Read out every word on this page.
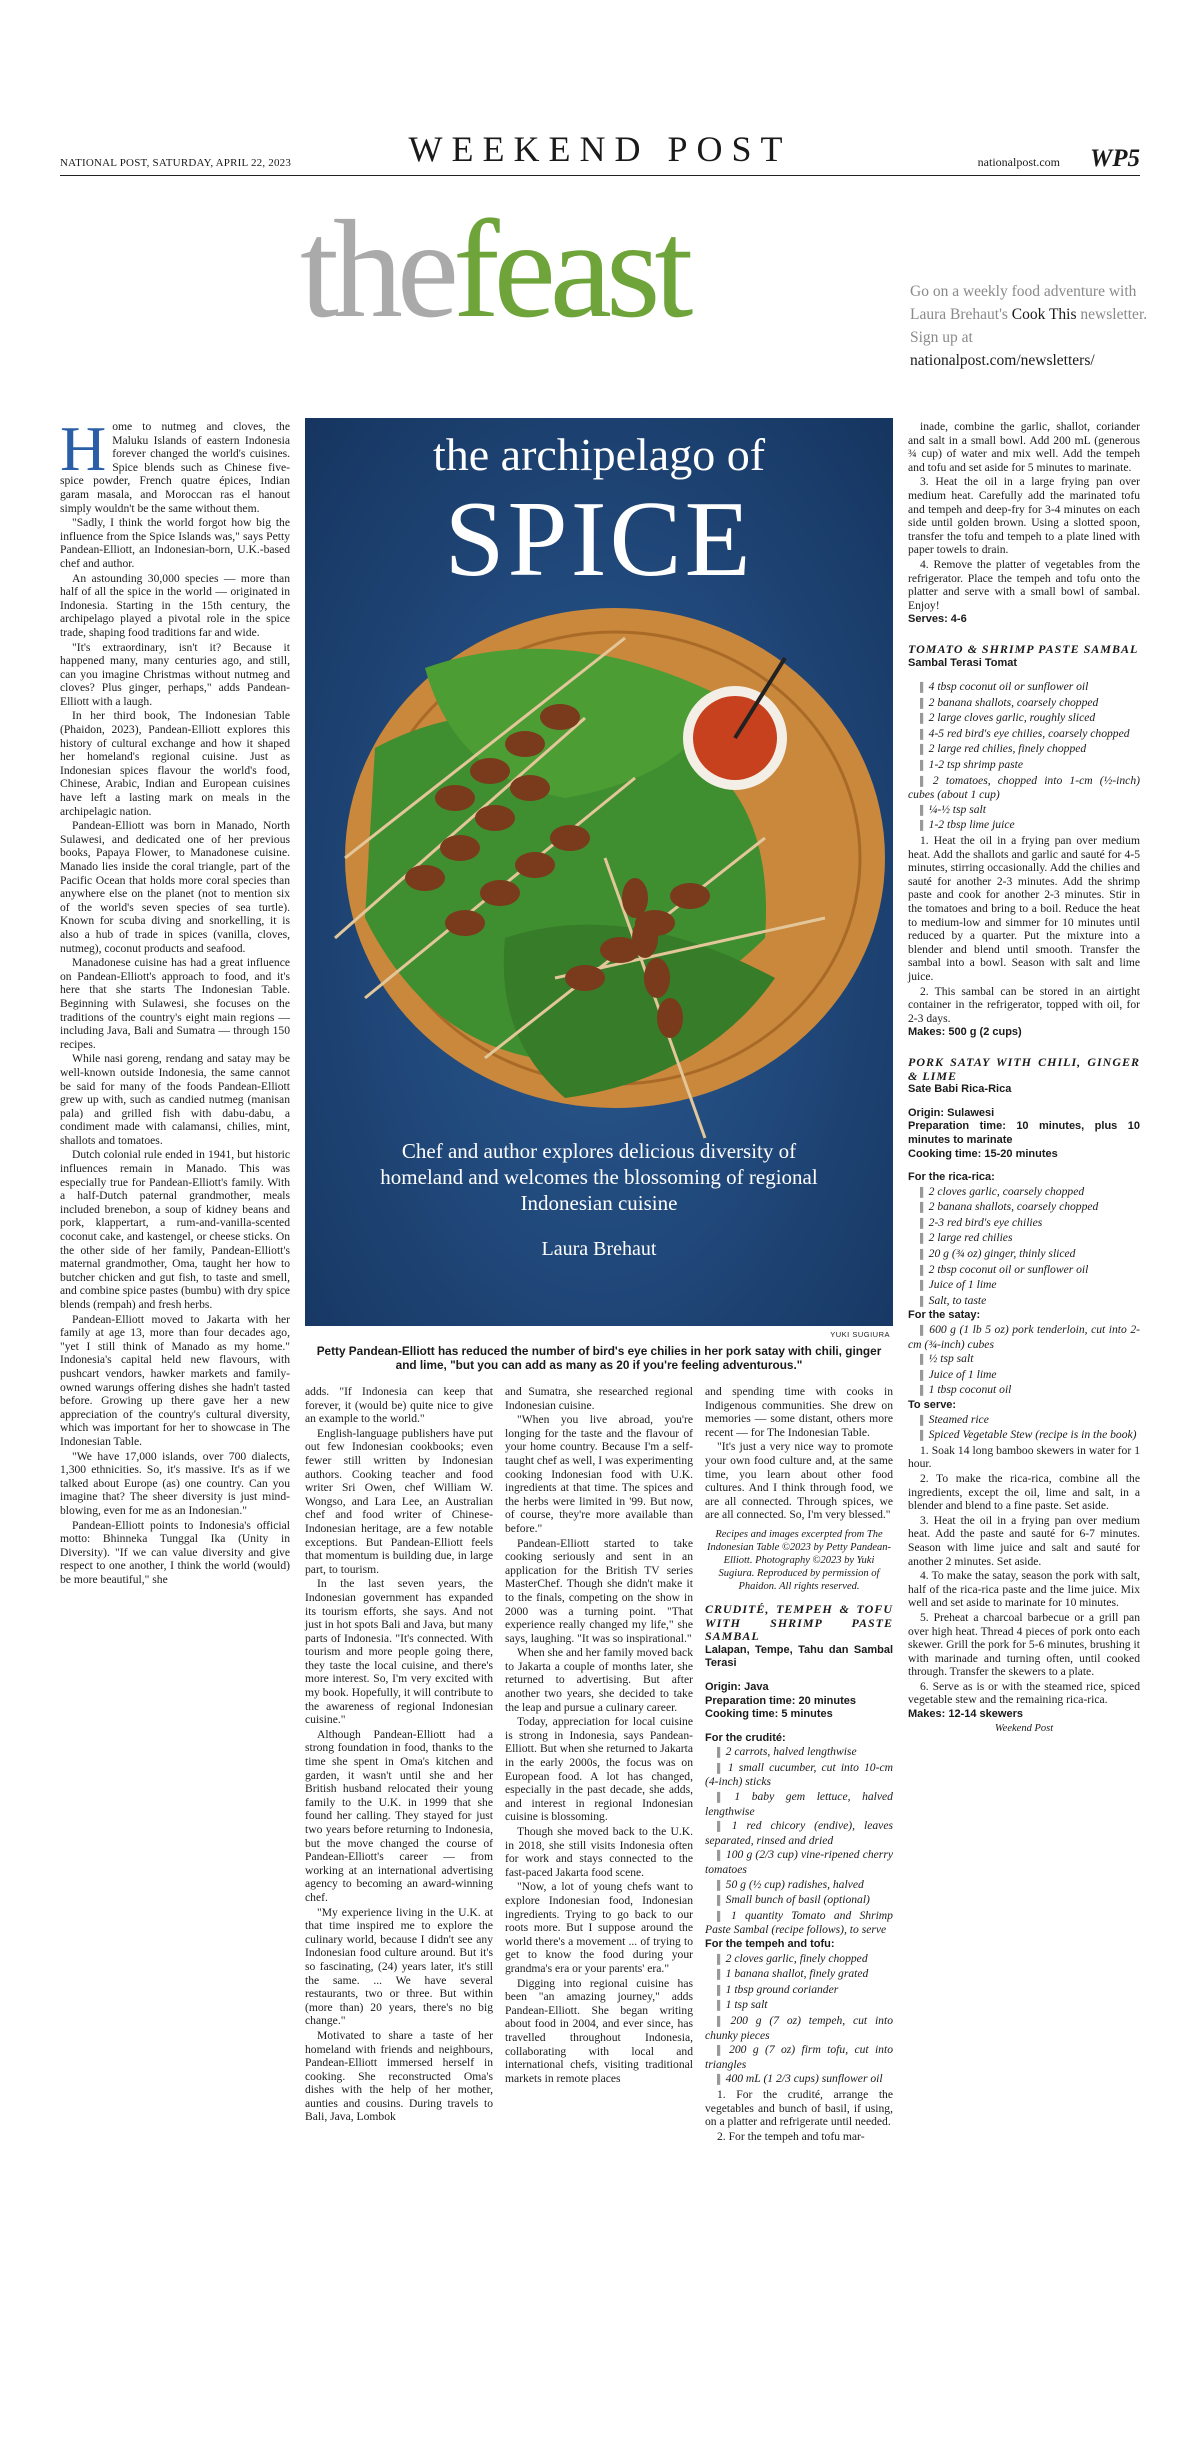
NATIONAL POST, SATURDAY, APRIL 22, 2023	WEEKEND POST	nationalpost.com WP5
thefeast	Go on a weekly food adventure with Laura Brehaut's Cook This newsletter. Sign up at nationalpost.com/newsletters/

Home to nutmeg and cloves, the Maluku Islands of eastern Indonesia forever changed the world's cuisines. Spice blends such as Chinese five-spice powder, French quatre épices, Indian garam masala, and Moroccan ras el hanout simply wouldn't be the same without them.

"Sadly, I think the world forgot how big the influence from the Spice Islands was," says Petty Pandean-Elliott, an Indonesian-born, U.K.-based chef and author.

An astounding 30,000 species — more than half of all the spice in the world — originated in Indonesia. Starting in the 15th century, the archipelago played a pivotal role in the spice trade, shaping food traditions far and wide.

"It's extraordinary, isn't it? Because it happened many, many centuries ago, and still, can you imagine Christmas without nutmeg and cloves? Plus ginger, perhaps," adds Pandean-Elliott with a laugh.

In her third book, The Indonesian Table (Phaidon, 2023), Pandean-Elliott explores this history of cultural exchange and how it shaped her homeland's regional cuisine. Just as Indonesian spices flavour the world's food, Chinese, Arabic, Indian and European cuisines have left a lasting mark on meals in the archipelagic nation.

Pandean-Elliott was born in Manado, North Sulawesi, and dedicated one of her previous books, Papaya Flower, to Manadonese cuisine. Manado lies inside the coral triangle, part of the Pacific Ocean that holds more coral species than anywhere else on the planet (not to mention six of the world's seven species of sea turtle). Known for scuba diving and snorkelling, it is also a hub of trade in spices (vanilla, cloves, nutmeg), coconut products and seafood.

Manadonese cuisine has had a great influence on Pandean-Elliott's approach to food, and it's here that she starts The Indonesian Table. Beginning with Sulawesi, she focuses on the traditions of the country's eight main regions — including Java, Bali and Sumatra — through 150 recipes.

While nasi goreng, rendang and satay may be well-known outside Indonesia, the same cannot be said for many of the foods Pandean-Elliott grew up with, such as candied nutmeg (manisan pala) and grilled fish with dabu-dabu, a condiment made with calamansi, chilies, mint, shallots and tomatoes.

Dutch colonial rule ended in 1941, but historic influences remain in Manado. This was especially true for Pandean-Elliott's family. With a half-Dutch paternal grandmother, meals included brenebon, a soup of kidney beans and pork, klappertart, a rum-and-vanilla-scented coconut cake, and kastengel, or cheese sticks. On the other side of her family, Pandean-Elliott's maternal grandmother, Oma, taught her how to butcher chicken and gut fish, to taste and smell, and combine spice pastes (bumbu) with dry spice blends (rempah) and fresh herbs.

Pandean-Elliott moved to Jakarta with her family at age 13, more than four decades ago, "yet I still think of Manado as my home." Indonesia's capital held new flavours, with pushcart vendors, hawker markets and family-owned warungs offering dishes she hadn't tasted before. Growing up there gave her a new appreciation of the country's cultural diversity, which was important for her to showcase in The Indonesian Table.

"We have 17,000 islands, over 700 dialects, 1,300 ethnicities. So, it's massive. It's as if we talked about Europe (as) one country. Can you imagine that? The sheer diversity is just mind-blowing, even for me as an Indonesian."

Pandean-Elliott points to Indonesia's official motto: Bhinneka Tunggal Ika (Unity in Diversity). "If we can value diversity and give respect to one another, I think the world (would) be more beautiful," she

the archipelago of
SPICE
Chef and author explores delicious diversity of homeland and welcomes the blossoming of regional Indonesian cuisine
Laura Brehaut
YUKI SUGIURA
Petty Pandean-Elliott has reduced the number of bird's eye chilies in her pork satay with chili, ginger and lime, "but you can add as many as 20 if you're feeling adventurous."

adds. "If Indonesia can keep that forever, it (would be) quite nice to give an example to the world."

English-language publishers have put out few Indonesian cookbooks; even fewer still written by Indonesian authors. Cooking teacher and food writer Sri Owen, chef William W. Wongso, and Lara Lee, an Australian chef and food writer of Chinese-Indonesian heritage, are a few notable exceptions. But Pandean-Elliott feels that momentum is building due, in large part, to tourism.

In the last seven years, the Indonesian government has expanded its tourism efforts, she says. And not just in hot spots Bali and Java, but many parts of Indonesia. "It's connected. With tourism and more people going there, they taste the local cuisine, and there's more interest. So, I'm very excited with my book. Hopefully, it will contribute to the awareness of regional Indonesian cuisine."

Although Pandean-Elliott had a strong foundation in food, thanks to the time she spent in Oma's kitchen and garden, it wasn't until she and her British husband relocated their young family to the U.K. in 1999 that she found her calling. They stayed for just two years before returning to Indonesia, but the move changed the course of Pandean-Elliott's career — from working at an international advertising agency to becoming an award-winning chef.

"My experience living in the U.K. at that time inspired me to explore the culinary world, because I didn't see any Indonesian food culture around. But it's so fascinating, (24) years later, it's still the same. ... We have several restaurants, two or three. But within (more than) 20 years, there's no big change."

Motivated to share a taste of her homeland with friends and neighbours, Pandean-Elliott immersed herself in cooking. She reconstructed Oma's dishes with the help of her mother, aunties and cousins. During travels to Bali, Java, Lombok

and Sumatra, she researched regional Indonesian cuisine.

"When you live abroad, you're longing for the taste and the flavour of your home country. Because I'm a self-taught chef as well, I was experimenting cooking Indonesian food with U.K. ingredients at that time. The spices and the herbs were limited in '99. But now, of course, they're more available than before."

Pandean-Elliott started to take cooking seriously and sent in an application for the British TV series MasterChef. Though she didn't make it to the finals, competing on the show in 2000 was a turning point. "That experience really changed my life," she says, laughing. "It was so inspirational."

When she and her family moved back to Jakarta a couple of months later, she returned to advertising. But after another two years, she decided to take the leap and pursue a culinary career.

Today, appreciation for local cuisine is strong in Indonesia, says Pandean-Elliott. But when she returned to Jakarta in the early 2000s, the focus was on European food. A lot has changed, especially in the past decade, she adds, and interest in regional Indonesian cuisine is blossoming.

Though she moved back to the U.K. in 2018, she still visits Indonesia often for work and stays connected to the fast-paced Jakarta food scene.

"Now, a lot of young chefs want to explore Indonesian food, Indonesian ingredients. Trying to go back to our roots more. But I suppose around the world there's a movement ... of trying to get to know the food during your grandma's era or your parents' era."

Digging into regional cuisine has been "an amazing journey," adds Pandean-Elliott. She began writing about food in 2004, and ever since, has travelled throughout Indonesia, collaborating with local and international chefs, visiting traditional markets in remote places

and spending time with cooks in Indigenous communities. She drew on memories — some distant, others more recent — for The Indonesian Table.

"It's just a very nice way to promote your own food culture and, at the same time, you learn about other food cultures. And I think through food, we are all connected. Through spices, we are all connected. So, I'm very blessed."

Recipes and images excerpted from The Indonesian Table ©2023 by Petty Pandean-Elliott. Photography ©2023 by Yuki Sugiura. Reproduced by permission of Phaidon. All rights reserved.
CRUDITÉ, TEMPEH & TOFU WITH SHRIMP PASTE SAMBAL
Lalapan, Tempe, Tahu dan Sambal Terasi
Origin: Java
Preparation time: 20 minutes
Cooking time: 5 minutes
For the crudité:

▌ 2 carrots, halved lengthwise

▌ 1 small cucumber, cut into 10-cm (4-inch) sticks

▌ 1 baby gem lettuce, halved lengthwise

▌ 1 red chicory (endive), leaves separated, rinsed and dried

▌ 100 g (2/3 cup) vine-ripened cherry tomatoes

▌ 50 g (½ cup) radishes, halved

▌ Small bunch of basil (optional)

▌ 1 quantity Tomato and Shrimp Paste Sambal (recipe follows), to serve

For the tempeh and tofu:

▌ 2 cloves garlic, finely chopped

▌ 1 banana shallot, finely grated

▌ 1 tbsp ground coriander

▌ 1 tsp salt

▌ 200 g (7 oz) tempeh, cut into chunky pieces

▌ 200 g (7 oz) firm tofu, cut into triangles

▌ 400 mL (1 2/3 cups) sunflower oil

1. For the crudité, arrange the vegetables and bunch of basil, if using, on a platter and refrigerate until needed.

2. For the tempeh and tofu mar-

inade, combine the garlic, shallot, coriander and salt in a small bowl. Add 200 mL (generous ¾ cup) of water and mix well. Add the tempeh and tofu and set aside for 5 minutes to marinate.

3. Heat the oil in a large frying pan over medium heat. Carefully add the marinated tofu and tempeh and deep-fry for 3-4 minutes on each side until golden brown. Using a slotted spoon, transfer the tofu and tempeh to a plate lined with paper towels to drain.

4. Remove the platter of vegetables from the refrigerator. Place the tempeh and tofu onto the platter and serve with a small bowl of sambal. Enjoy!

Serves: 4-6
TOMATO & SHRIMP PASTE SAMBAL
Sambal Terasi Tomat

▌ 4 tbsp coconut oil or sunflower oil

▌ 2 banana shallots, coarsely chopped

▌ 2 large cloves garlic, roughly sliced

▌ 4-5 red bird's eye chilies, coarsely chopped

▌ 2 large red chilies, finely chopped

▌ 1-2 tsp shrimp paste

▌ 2 tomatoes, chopped into 1-cm (½-inch) cubes (about 1 cup)

▌ ¼-½ tsp salt

▌ 1-2 tbsp lime juice

1. Heat the oil in a frying pan over medium heat. Add the shallots and garlic and sauté for 4-5 minutes, stirring occasionally. Add the chilies and sauté for another 2-3 minutes. Add the shrimp paste and cook for another 2-3 minutes. Stir in the tomatoes and bring to a boil. Reduce the heat to medium-low and simmer for 10 minutes until reduced by a quarter. Put the mixture into a blender and blend until smooth. Transfer the sambal into a bowl. Season with salt and lime juice.

2. This sambal can be stored in an airtight container in the refrigerator, topped with oil, for 2-3 days.

Makes: 500 g (2 cups)
PORK SATAY WITH CHILI, GINGER & LIME
Sate Babi Rica-Rica
Origin: Sulawesi
Preparation time: 10 minutes, plus 10 minutes to marinate
Cooking time: 15-20 minutes
For the rica-rica:

▌ 2 cloves garlic, coarsely chopped

▌ 2 banana shallots, coarsely chopped

▌ 2-3 red bird's eye chilies

▌ 2 large red chilies

▌ 20 g (¾ oz) ginger, thinly sliced

▌ 2 tbsp coconut oil or sunflower oil

▌ Juice of 1 lime

▌ Salt, to taste

For the satay:

▌ 600 g (1 lb 5 oz) pork tenderloin, cut into 2-cm (¾-inch) cubes

▌ ½ tsp salt

▌ Juice of 1 lime

▌ 1 tbsp coconut oil

To serve:

▌ Steamed rice

▌ Spiced Vegetable Stew (recipe is in the book)

1. Soak 14 long bamboo skewers in water for 1 hour.

2. To make the rica-rica, combine all the ingredients, except the oil, lime and salt, in a blender and blend to a fine paste. Set aside.

3. Heat the oil in a frying pan over medium heat. Add the paste and sauté for 6-7 minutes. Season with lime juice and salt and sauté for another 2 minutes. Set aside.

4. To make the satay, season the pork with salt, half of the rica-rica paste and the lime juice. Mix well and set aside to marinate for 10 minutes.

5. Preheat a charcoal barbecue or a grill pan over high heat. Thread 4 pieces of pork onto each skewer. Grill the pork for 5-6 minutes, brushing it with marinade and turning often, until cooked through. Transfer the skewers to a plate.

6. Serve as is or with the steamed rice, spiced vegetable stew and the remaining rica-rica.

Makes: 12-14 skewers
Weekend Post
